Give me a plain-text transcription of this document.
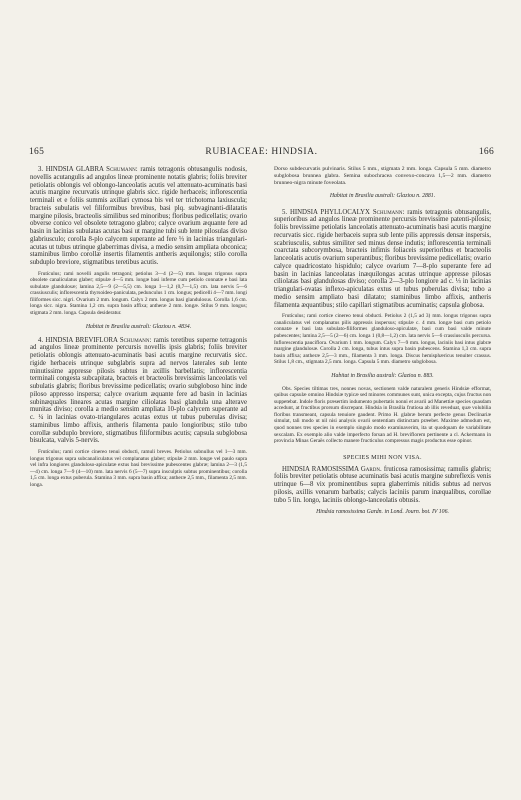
165	RUBIACEAE: HINDSIA.	166

3. HINDSIA GLABRA Schumann: ramis tetragonis obtusangulis nodosis, novellis acutangulis ad angulos lineæ prominente notatis glabris; foliis breviter petiolatis oblongis vel oblongo-lanceolatis acutis vel attenuato-acuminatis basi acutis margine recurvatis utrinque glabris sicc. rigide herbaceis; inflorescentia terminali et e foliis summis axillari cymosa bis vel ter trichotoma laxiuscula; bracteis subulatis vel filiformibus brevibus, basi plq. subvaginanti-dilatatis margine pilosis, bracteolis similibus sed minoribus; floribus pedicellatis; ovario obverse conico vel obsolete tetragono glabro; calyce ovarium æquante fere ad basin in lacinias subulatas acutas basi ut margine tubi sub lente pilosulas diviso glabriusculo; corolla 8-plo calycem superante ad fere ⅓ in lacinias triangulari-acutas ut tubus utrinque glaberrimas divisa, a medio sensim ampliata obconica; staminibus limbo corollæ insertis filamentis antheris æquilongis; stilo corolla subduplo breviore, stigmatibus teretibus acutis.

Frutículus; rami novelli angulis tetragoni; petiolus 3—4 (2—5) mm. longus trigonus supra obsolete canaliculatus glaber; stipulæ 4—5 mm. longæ basi inferne cum petiolo connatæ e basi lata subulatæ glandulosæ; lamina 2,5—9 (2—5,5) cm. longa 1—1,2 (0,7—1,5) cm. lata nervis 5—6 crassiusculis; inflorescentia thyrsoideo-paniculata, pedunculus 1 cm. longus; pedicelli 4—7 mm. longi filiformes sicc. nigri. Ovarium 2 mm. longum. Calyx 2 mm. longus basi glandulosus. Corolla 1,6 cm. longa sicc. nigra. Stamina 1,2 cm. supra basin affixa; antheræ 2 mm. longæ. Stilus 9 mm. longus; stigmata 2 mm. longa. Capsula desideratur.

Habitat in Brasilia australi: Glaziou n. 4834.

4. HINDSIA BREVIFLORA Schumann: ramis teretibus superne tetragonis ad angulos lineæ prominente percursis novellis ipsis glabris; foliis breviter petiolatis oblongis attenuato-acuminatis basi acutis margine recurvatis sicc. rigide herbaceis utrinque subglabris supra ad nervos laterales sub lente minutissime appresse pilosis subtus in axillis barbellatis; inflorescentia terminali congesta subcapitata, bracteis et bracteolis brevissimis lanceolatis vel subulatis glabris; floribus brevissime pedicellatis; ovario subgloboso hinc inde piloso appresso inspersa; calyce ovarium æquante fere ad basin in lacinias subinæquales lineares acutas margine ciliolatas basi glandula una alterave munitas diviso; corolla a medio sensim ampliata 10-plo calycem superante ad c. ¼ in lacinias ovato-triangulares acutas extus ut tubus puberulas divisa; staminibus limbo affixis, antheris filamenta paulo longioribus; stilo tubo corollæ subduplo breviore, stigmatibus filiformibus acutis; capsula subglobosa bisulcata, valvis 5-nervis.

Frutículus; rami cortice cinereo tenui obducti, ramuli breves. Petiolus subnullus vel 1—3 mm. longus trigonus supra subcanaliculatus vel complanatus glaber; stipulæ 2 mm. longæ vel paulo supra vel infra longiores glanduloso-apiculatæ extus basi brevissime pubescentes glabræ; lamina 2—3 (1,5—4) cm. longa 7—9 (4—10) mm. lata nervis 6 (5—7) supra insculptis subtus prominentibus; corolla 1,5 cm. longa extus puberula. Stamina 3 mm. supra basin affixa; antheræ 2,5 mm., filamenta 2,5 mm. longa.

Dorso subdecurvatis pulvinaris. Stilus 5 mm., stigmata 2 mm. longa. Capsula 5 mm. diametro subglobosa brunnea glabra. Semina subochracea convexo-concava 1,5—2 mm. diametro brunneo-nigra minute foveolata.

Habitat in Brasilia australi: Glaziou n. 2881.

5. HINDSIA PHYLLOCALYX Schumann: ramis tetragonis obtusangulis, superioribus ad angulos lineæ prominente percursis brevissime patenti-pilosis; foliis brevissime petiolatis lanceolatis attenuato-acuminatis basi acutis margine recurvatis sicc. rigide herbaceis supra sub lente pilis appressis densæ inspersis, scabriusculis, subtus similiter sed minus dense indutis; inflorescentia terminali coarctata subcorymbosa, bracteis infimis foliaceis superioribus et bracteolis lanceolatis acutis ovarium superantibus; floribus brevissime pedicellatis; ovario calyce quadricostato hispidulo; calyce ovarium 7—8-plo superante fere ad basin in lacinias lanceolatas inæquilongas acutas utrinque appresse pilosas ciliolatas basi glandulosas diviso; corolla 2—3-plo longiore ad c. ⅓ in lacinias triangulari-ovatas inflexo-apiculatas extus ut tubus puberulas divisa; tubo a medio sensim ampliato basi dilatato; staminibus limbo affixis, antheris filamenta æquantibus; stilo capillari stigmatibus acuminatis; capsula globosa.

Frutículus; rami cortice cinereo tenui obducti. Petiolus 2 (1,5 ad 3) mm. longus trigonus supra canaliculatus vel complanatus pilis appressis inspersus; stipulæ c. 4 mm. longæ basi cum petiolo connatæ e basi lata subulato-filiformes glanduloso-apiculatæ, basi cum basi valde minute pubescentes; lamina 2,5—5 (2—6) cm. longa 1 (0,8—1,2) cm. lata nervis 5—6 crassiusculis percursa. Inflorescentia pauciflora. Ovarium 1 mm. longum. Calyx 7—9 mm. longus, laciniis basi intus glabræ margine glandulosæ. Corolla 2 cm. longa, tubus intus supra basin pubescens. Stamina 1,3 cm. supra basin affixa; antheræ 2,5—3 mm., filamenta 3 mm. longa. Discus hemisphæricus tenuiter crassus. Stilus 1,8 cm., stigmata 2,5 mm. longa. Capsula 5 mm. diametro subglobosa.

Habitat in Brasilia australi: Glaziou n. 883.

Obs. Species tiltimas tres, nonnes novas, sectionem valde naturalem generis Hindsiæ efformat, quibus capsulæ omnino Hindsiæ typicæ sed minores communes sunt, unica excepta, cujus fructus non suppetebat. Indole floris præsertim indumento pubertatis nonni et avarii ad Manettiæ species quasdam accedunt, at fructibus prorsum discrepant. Hindsia in Brasilia frutiosa ab illis reveduat, quæ volubilia floribus transmeant, capsula tenuiore gaudent. Primo H. glabræ berum perfecte genus Declinariæ simulat, tali modo ut nil nisi analysis ovarii sententiam distinctam præebet. Maxime admodum est, quod nonnes tres species in exemplo singulo modo examinaverim, ita ut quodquam de variabilitate sexcalam. Ex exemplo alio valde imperfecto forsan ad H. breviflorem pertinente a cl. Ackermann in provincia Minas Geraës collecto manere fructiculus compressus magis productus esse opinor.

SPECIES MIHI NON VISA.

HINDSIA RAMOSISSIMA Gardn. fruticosa ramosissima; ramulis glabris; foliis breviter petiolatis obtuse acuminatis basi acutis margine subreflexis venis utrinque 6—8 vix prominentibus supra glaberrimis nitidis subtus ad nervos pilosis, axillis venarum barbatis; calycis laciniis parum inæqualibus, corollae tubo 5 lin. longo, laciniis oblongo-lanceolatis obtusis.

Hindsia ramosissima Gardn. in Lond. Journ. bot. IV 106.
